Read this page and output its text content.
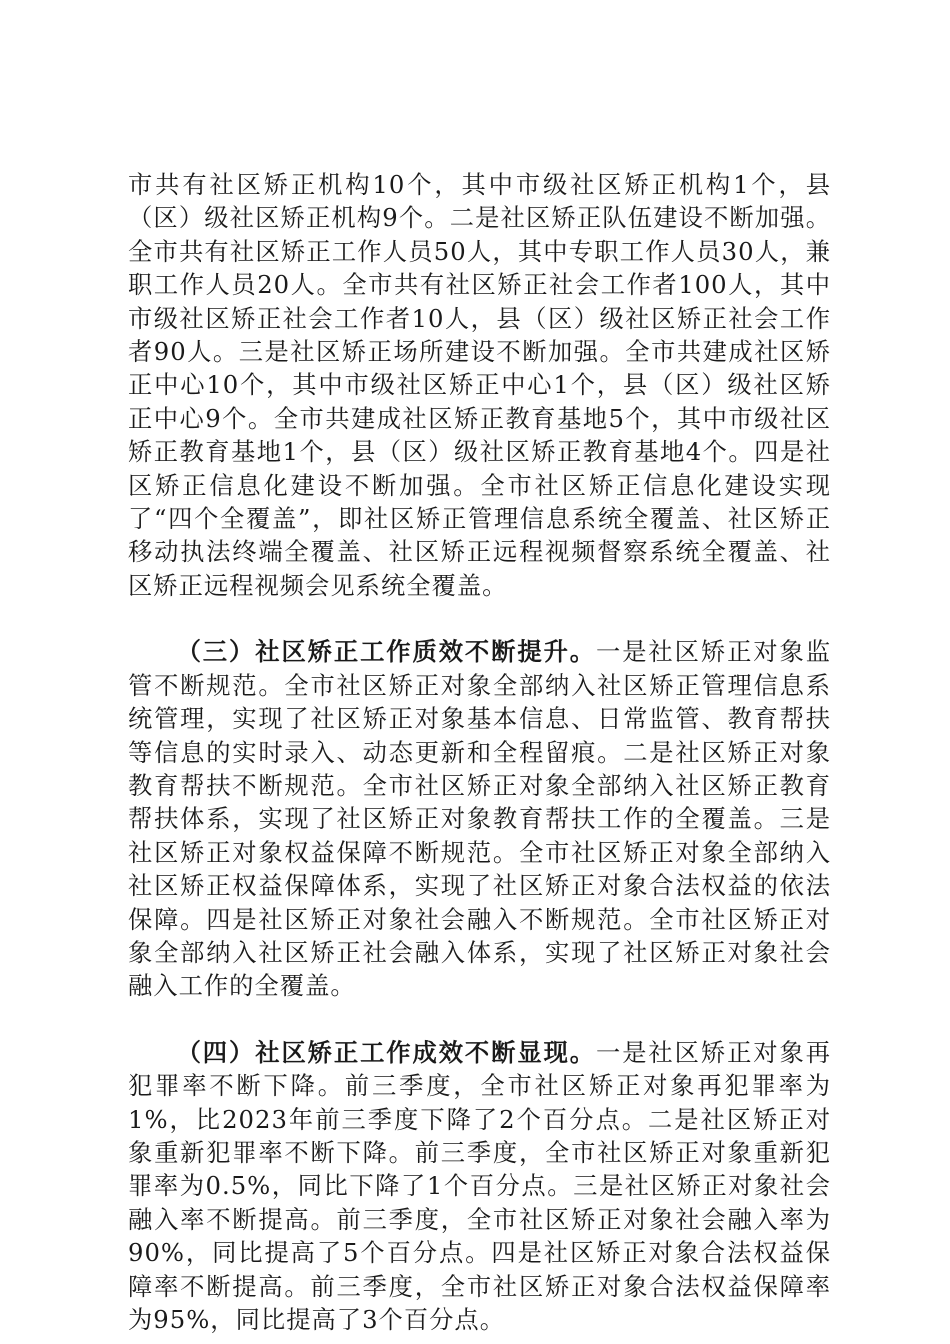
市共有社区矫正机构10个，其中市级社区矫正机构1个，县（区）级社区矫正机构9个。二是社区矫正队伍建设不断加强。全市共有社区矫正工作人员50人，其中专职工作人员30人，兼职工作人员20人。全市共有社区矫正社会工作者100人，其中市级社区矫正社会工作者10人，县（区）级社区矫正社会工作者90人。三是社区矫正场所建设不断加强。全市共建成社区矫正中心10个，其中市级社区矫正中心1个，县（区）级社区矫正中心9个。全市共建成社区矫正教育基地5个，其中市级社区矫正教育基地1个，县（区）级社区矫正教育基地4个。四是社区矫正信息化建设不断加强。全市社区矫正信息化建设实现了“四个全覆盖”，即社区矫正管理信息系统全覆盖、社区矫正移动执法终端全覆盖、社区矫正远程视频督察系统全覆盖、社区矫正远程视频会见系统全覆盖。

（三）社区矫正工作质效不断提升。一是社区矫正对象监管不断规范。全市社区矫正对象全部纳入社区矫正管理信息系统管理，实现了社区矫正对象基本信息、日常监管、教育帮扶等信息的实时录入、动态更新和全程留痕。二是社区矫正对象教育帮扶不断规范。全市社区矫正对象全部纳入社区矫正教育帮扶体系，实现了社区矫正对象教育帮扶工作的全覆盖。三是社区矫正对象权益保障不断规范。全市社区矫正对象全部纳入社区矫正权益保障体系，实现了社区矫正对象合法权益的依法保障。四是社区矫正对象社会融入不断规范。全市社区矫正对象全部纳入社区矫正社会融入体系，实现了社区矫正对象社会融入工作的全覆盖。

（四）社区矫正工作成效不断显现。一是社区矫正对象再犯罪率不断下降。前三季度，全市社区矫正对象再犯罪率为1%，比2023年前三季度下降了2个百分点。二是社区矫正对象重新犯罪率不断下降。前三季度，全市社区矫正对象重新犯罪率为0.5%，同比下降了1个百分点。三是社区矫正对象社会融入率不断提高。前三季度，全市社区矫正对象社会融入率为90%，同比提高了5个百分点。四是社区矫正对象合法权益保障率不断提高。前三季度，全市社区矫正对象合法权益保障率为95%，同比提高了3个百分点。
